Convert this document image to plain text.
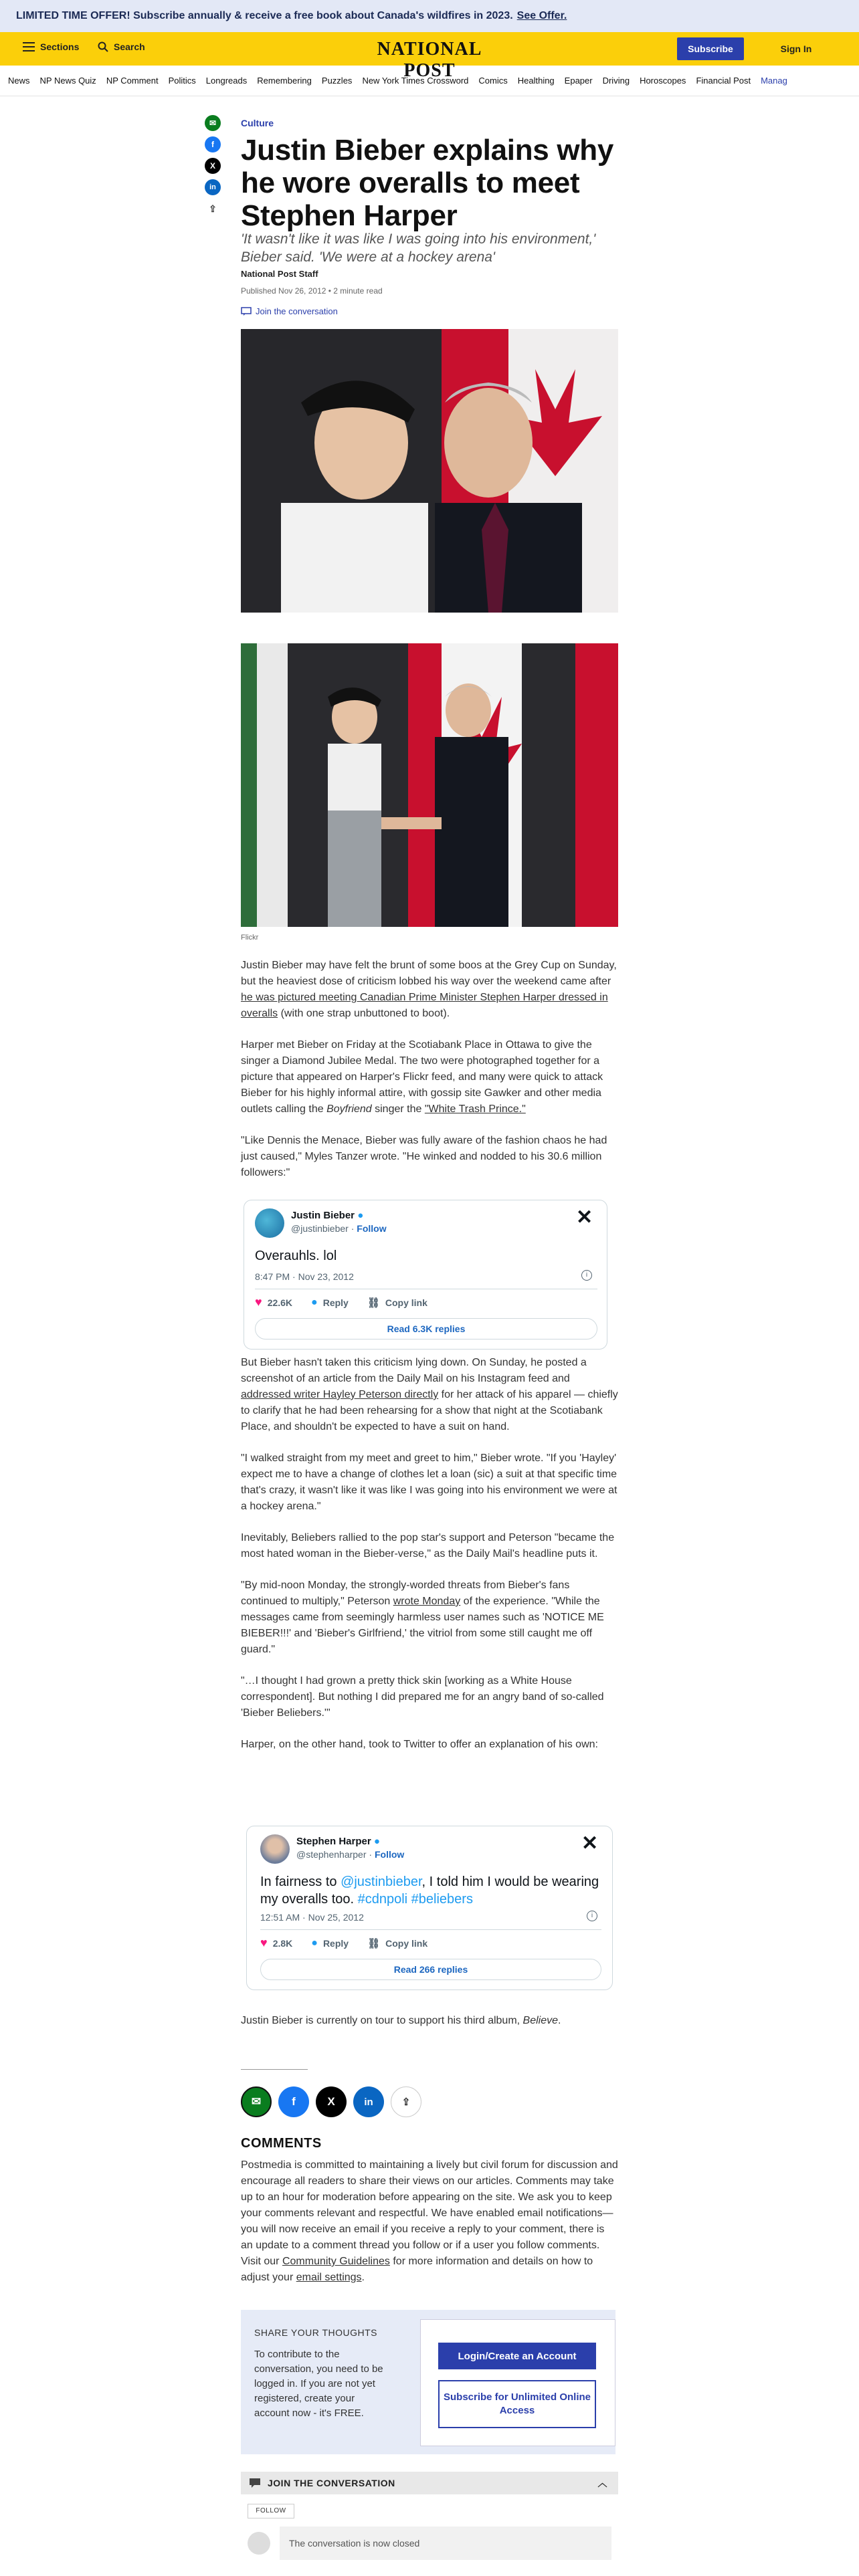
LIMITED TIME OFFER! Subscribe annually & receive a free book about Canada's wildfires in 2023. See Offer.
Sections	Search	NATIONAL POST
Subscribe	Sign In
News NP News Quiz NP Comment Politics Longreads Remembering Puzzles New York Times Crossword Comics Healthing Epaper Driving Horoscopes Financial Post Manag
✉
f
X
in
⇪
Culture
Justin Bieber explains why he wore overalls to meet Stephen Harper
'It wasn't like it was like I was going into his environment,' Bieber said. 'We were at a hockey arena'
National Post Staff
Published Nov 26, 2012 • 2 minute read
Join the conversation
Flickr

Justin Bieber may have felt the brunt of some boos at the Grey Cup on Sunday, but the heaviest dose of criticism lobbed his way over the weekend came after he was pictured meeting Canadian Prime Minister Stephen Harper dressed in overalls (with one strap unbuttoned to boot).

Harper met Bieber on Friday at the Scotiabank Place in Ottawa to give the singer a Diamond Jubilee Medal. The two were photographed together for a picture that appeared on Harper's Flickr feed, and many were quick to attack Bieber for his highly informal attire, with gossip site Gawker and other media outlets calling the Boyfriend singer the "White Trash Prince."

"Like Dennis the Menace, Bieber was fully aware of the fashion chaos he had just caused," Myles Tanzer wrote. "He winked and nodded to his 30.6 million followers:"

Justin Bieber ●
@justinbieber · Follow	✕
Overauhls. lol
8:47 PM · Nov 23, 2012	i
♥ 22.6K ● Reply ⛓ Copy link
Read 6.3K replies

But Bieber hasn't taken this criticism lying down. On Sunday, he posted a screenshot of an article from the Daily Mail on his Instagram feed and addressed writer Hayley Peterson directly for her attack of his apparel — chiefly to clarify that he had been rehearsing for a show that night at the Scotiabank Place, and shouldn't be expected to have a suit on hand.

"I walked straight from my meet and greet to him," Bieber wrote. "If you 'Hayley' expect me to have a change of clothes let a loan (sic) a suit at that specific time that's crazy, it wasn't like it was like I was going into his environment we were at a hockey arena."

Inevitably, Beliebers rallied to the pop star's support and Peterson "became the most hated woman in the Bieber-verse," as the Daily Mail's headline puts it.

"By mid-noon Monday, the strongly-worded threats from Bieber's fans continued to multiply," Peterson wrote Monday of the experience. "While the messages came from seemingly harmless user names such as 'NOTICE ME BIEBER!!!' and 'Bieber's Girlfriend,' the vitriol from some still caught me off guard."

"…I thought I had grown a pretty thick skin [working as a White House correspondent]. But nothing I did prepared me for an angry band of so-called 'Bieber Beliebers.'"

Harper, on the other hand, took to Twitter to offer an explanation of his own:

Stephen Harper ●
@stephenharper · Follow	✕
In fairness to @justinbieber, I told him I would be wearing my overalls too. #cdnpoli #beliebers
12:51 AM · Nov 25, 2012	i
♥ 2.8K ● Reply ⛓ Copy link
Read 266 replies

Justin Bieber is currently on tour to support his third album, Believe.

✉	f	X	in	⇪
COMMENTS
Postmedia is committed to maintaining a lively but civil forum for discussion and encourage all readers to share their views on our articles. Comments may take up to an hour for moderation before appearing on the site. We ask you to keep your comments relevant and respectful. We have enabled email notifications—you will now receive an email if you receive a reply to your comment, there is an update to a comment thread you follow or if a user you follow comments. Visit our Community Guidelines for more information and details on how to adjust your email settings.
SHARE YOUR THOUGHTS
To contribute to the conversation, you need to be logged in. If you are not yet registered, create your account now - it's FREE.
Login/Create an Account
Subscribe for Unlimited Online Access
JOIN THE CONVERSATION	︿
FOLLOW
The conversation is now closed
